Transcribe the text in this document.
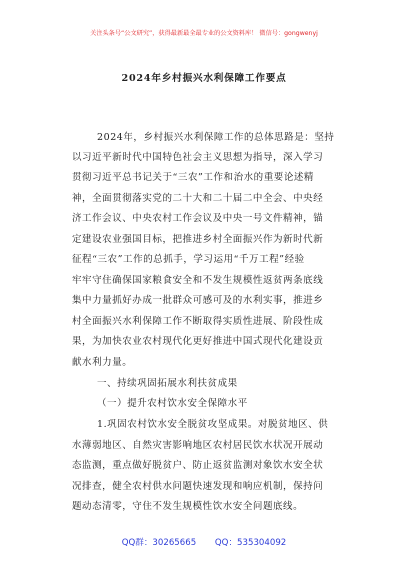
关注头条号“公文研究”，获得最新最全最专业的公文资料库！ 微信号：gongwenyj
2024年乡村振兴水利保障工作要点
2024年，乡村振兴水利保障工作的总体思路是：坚持
以习近平新时代中国特色社会主义思想为指导，深入学习
贯彻习近平总书记关于“三农”工作和治水的重要论述精
神，全面贯彻落实党的二十大和二十届二中全会、中央经
济工作会议、中央农村工作会议及中央一号文件精神，锚
定建设农业强国目标，把推进乡村全面振兴作为新时代新
征程“三农”工作的总抓手，学习运用“千万工程”经验
牢牢守住确保国家粮食安全和不发生规模性返贫两条底线
集中力量抓好办成一批群众可感可及的水利实事，推进乡
村全面振兴水利保障工作不断取得实质性进展、阶段性成
果，为加快农业农村现代化更好推进中国式现代化建设贡
献水利力量。
一、持续巩固拓展水利扶贫成果
（一）提升农村饮水安全保障水平
1.巩固农村饮水安全脱贫攻坚成果。对脱贫地区、供
水薄弱地区、自然灾害影响地区农村居民饮水状况开展动
态监测，重点做好脱贫户、防止返贫监测对象饮水安全状
况排查，健全农村供水问题快速发现和响应机制，保持问
题动态清零，守住不发生规模性饮水安全问题底线。
QQ群：30265665 QQ：535304092
